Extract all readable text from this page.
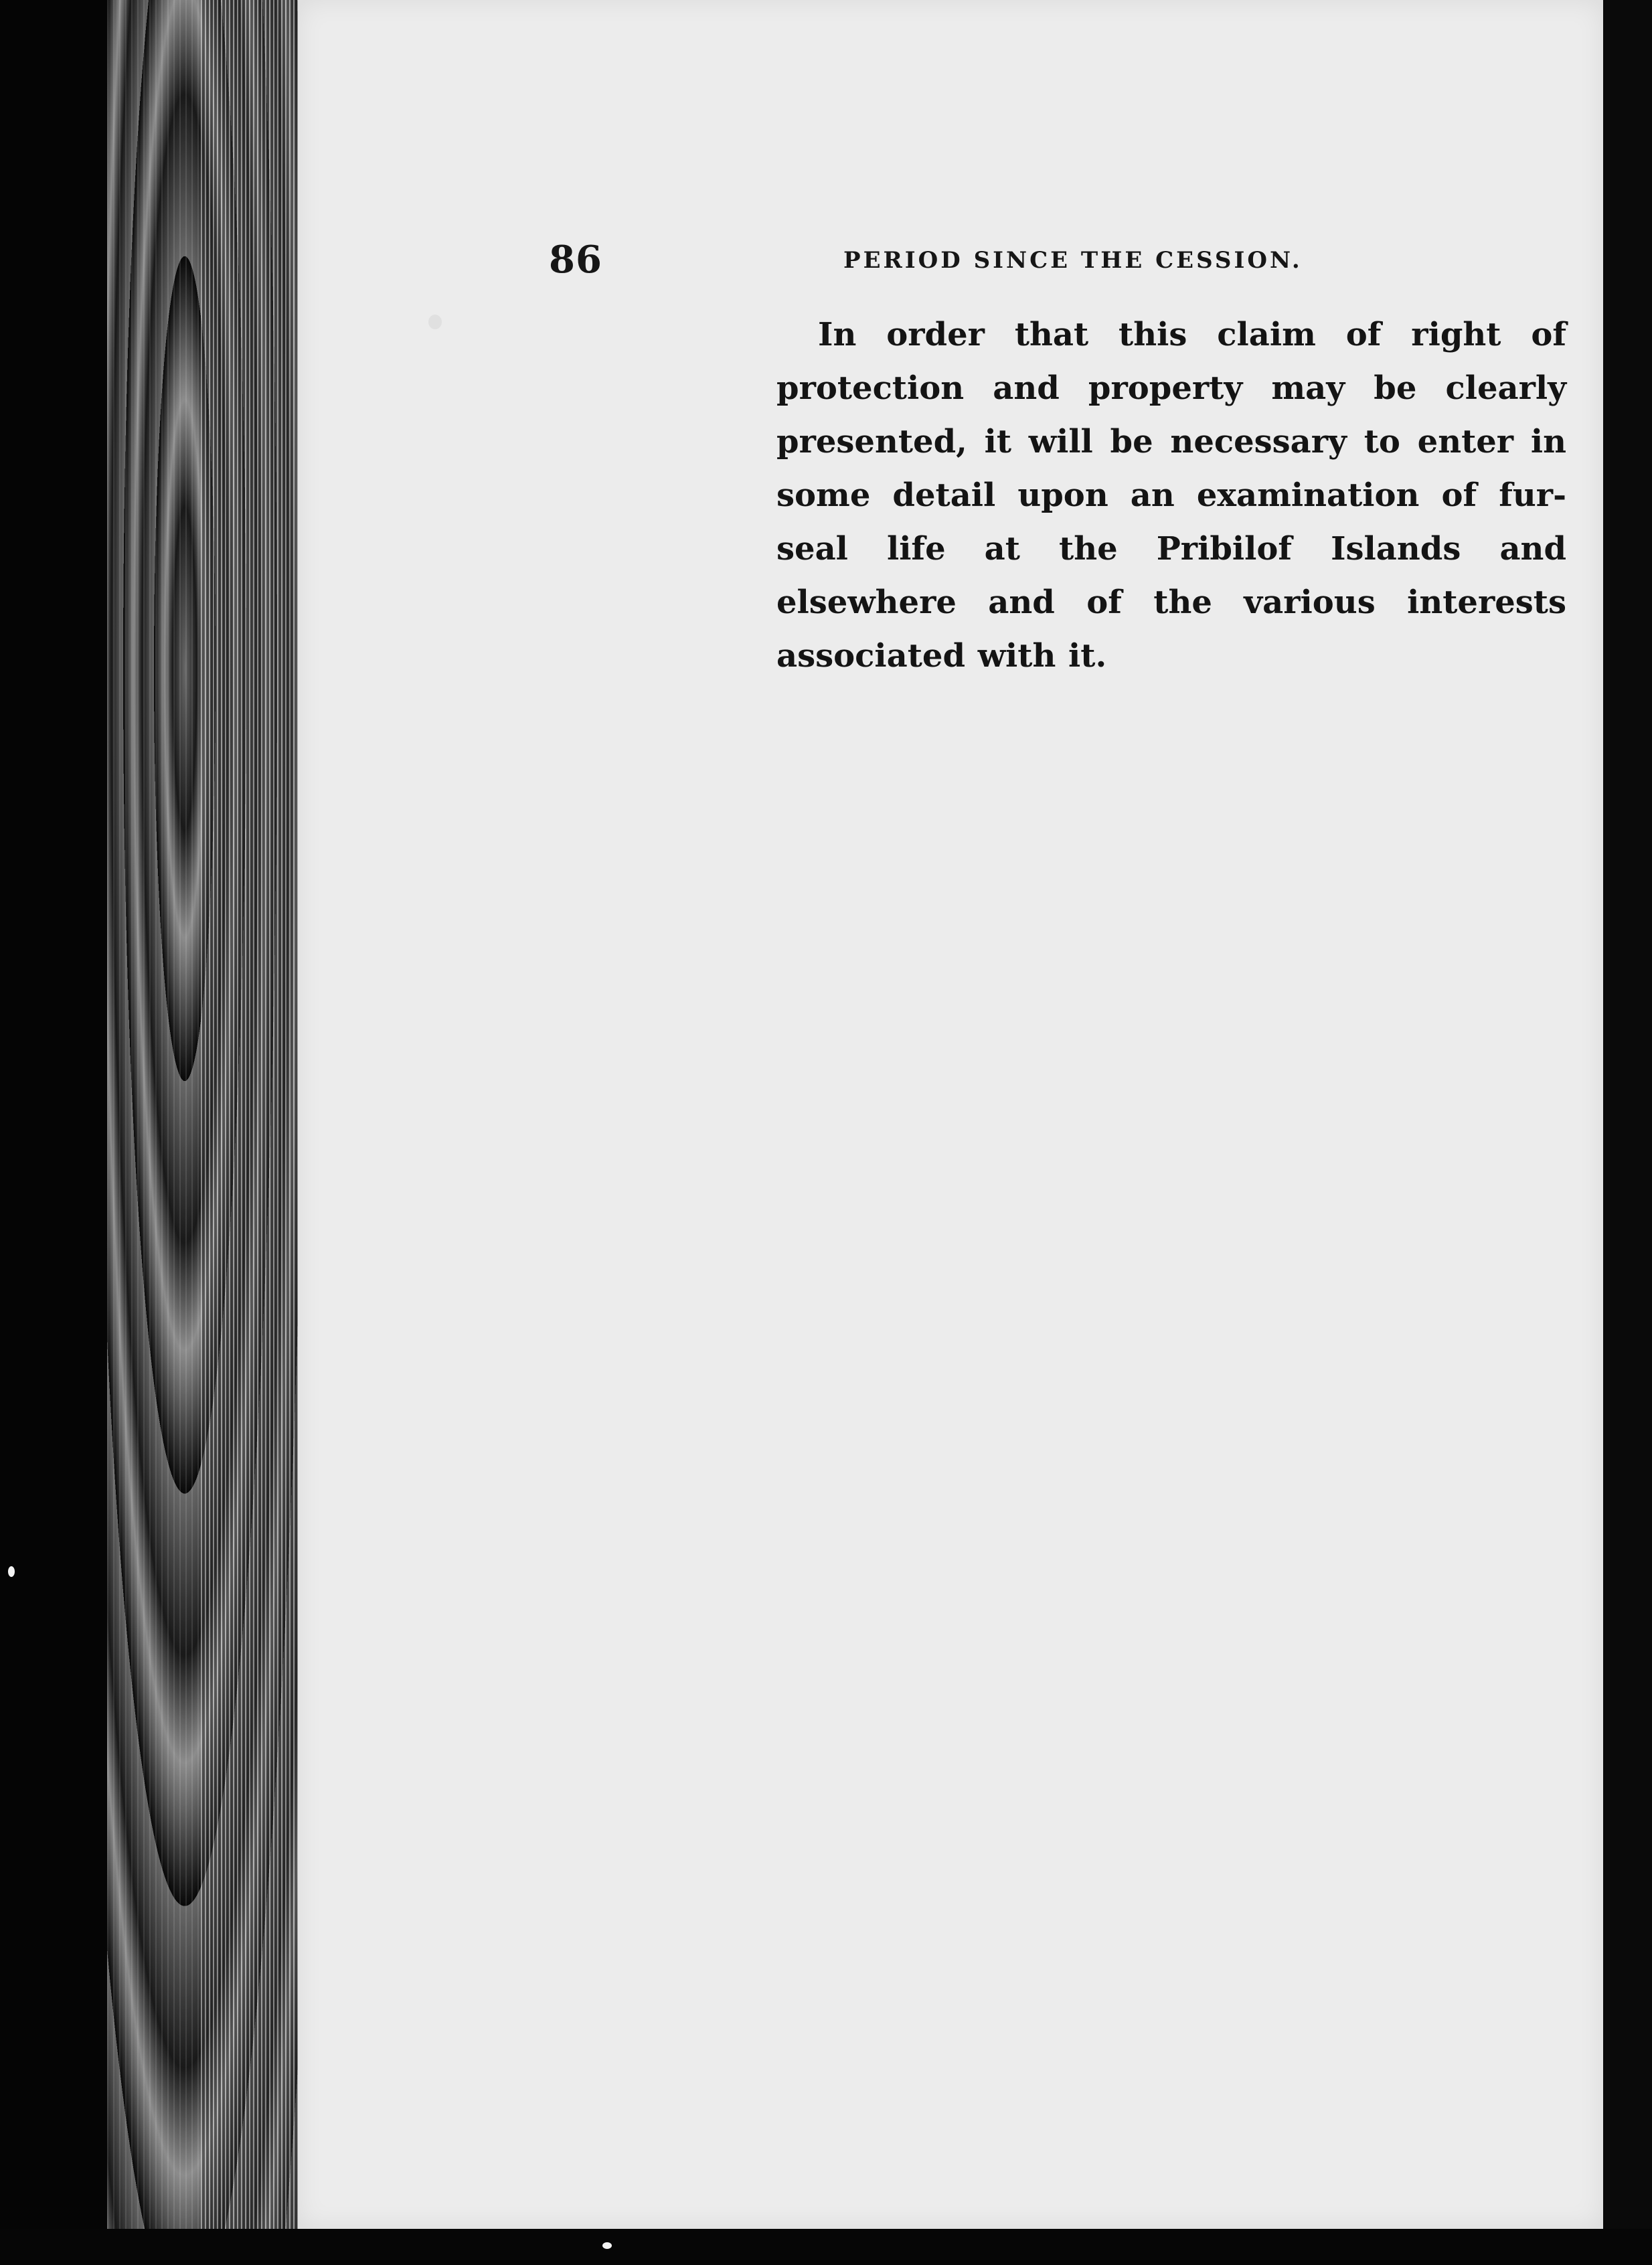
86	PERIOD SINCE THE CESSION.

In order that this claim of right of protection and property may be clearly presented, it will be necessary to enter in some detail upon an examination of fur-seal life at the Pribilof Islands and elsewhere and of the various interests associated with it.
